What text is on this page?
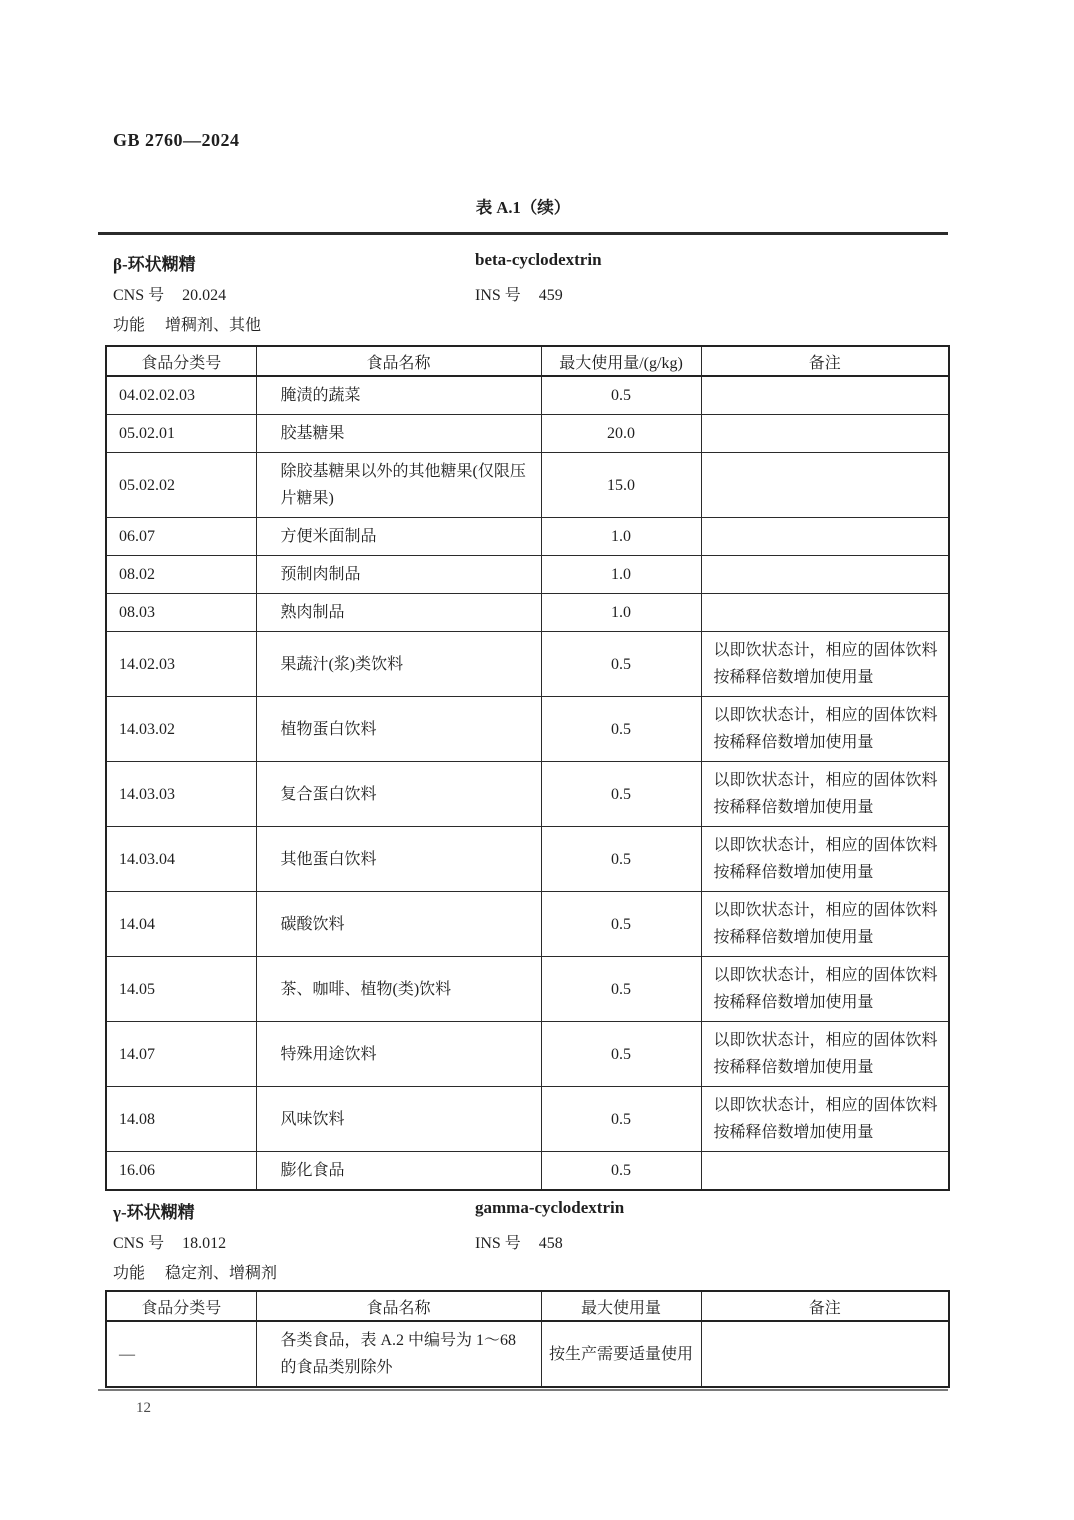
GB 2760—2024
表 A.1（续）
β-环状糊精	beta-cyclodextrin
CNS 号 20.024	INS 号 459
功能 增稠剂、其他
食品分类号	食品名称	最大使用量/(g/kg)	备注
04.02.02.03	腌渍的蔬菜	0.5	
05.02.01	胶基糖果	20.0	
05.02.02	除胶基糖果以外的其他糖果(仅限压片糖果)	15.0	
06.07	方便米面制品	1.0	
08.02	预制肉制品	1.0	
08.03	熟肉制品	1.0	
14.02.03	果蔬汁(浆)类饮料	0.5	以即饮状态计，相应的固体饮料按稀释倍数增加使用量
14.03.02	植物蛋白饮料	0.5	以即饮状态计，相应的固体饮料按稀释倍数增加使用量
14.03.03	复合蛋白饮料	0.5	以即饮状态计，相应的固体饮料按稀释倍数增加使用量
14.03.04	其他蛋白饮料	0.5	以即饮状态计，相应的固体饮料按稀释倍数增加使用量
14.04	碳酸饮料	0.5	以即饮状态计，相应的固体饮料按稀释倍数增加使用量
14.05	茶、咖啡、植物(类)饮料	0.5	以即饮状态计，相应的固体饮料按稀释倍数增加使用量
14.07	特殊用途饮料	0.5	以即饮状态计，相应的固体饮料按稀释倍数增加使用量
14.08	风味饮料	0.5	以即饮状态计，相应的固体饮料按稀释倍数增加使用量
16.06	膨化食品	0.5	
γ-环状糊精	gamma-cyclodextrin
CNS 号 18.012	INS 号 458
功能 稳定剂、增稠剂
食品分类号	食品名称	最大使用量	备注
—	各类食品，表 A.2 中编号为 1～68 的食品类别除外	按生产需要适量使用	
12
